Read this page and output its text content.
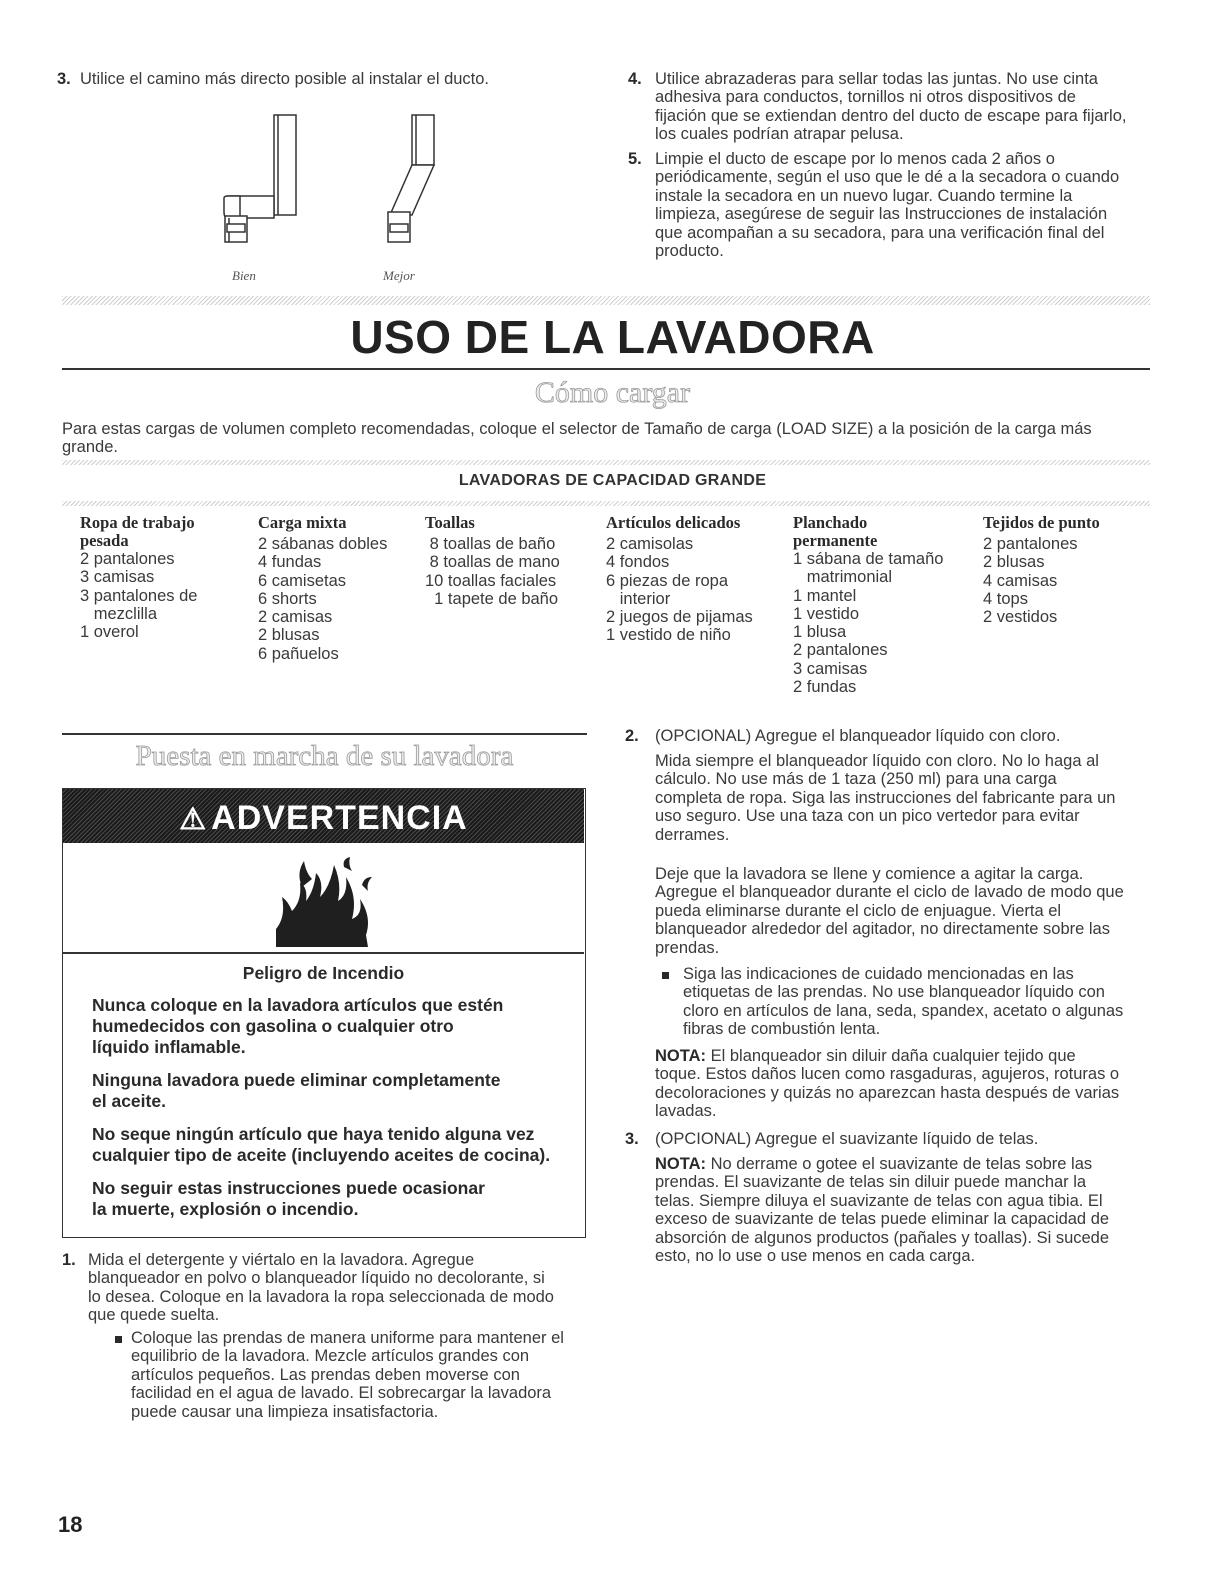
3. Utilice el camino más directo posible al instalar el ducto.
Bien	Mejor
4. Utilice abrazaderas para sellar todas las juntas. No use cinta
adhesiva para conductos, tornillos ni otros dispositivos de
fijación que se extiendan dentro del ducto de escape para fijarlo,
los cuales podrían atrapar pelusa.
5. Limpie el ducto de escape por lo menos cada 2 años o
periódicamente, según el uso que le dé a la secadora o cuando
instale la secadora en un nuevo lugar. Cuando termine la
limpieza, asegúrese de seguir las Instrucciones de instalación
que acompañan a su secadora, para una verificación final del
producto.
USO DE LA LAVADORA
Cómo cargar
Para estas cargas de volumen completo recomendadas, coloque el selector de Tamaño de carga (LOAD SIZE) a la posición de la carga más
grande.
LAVADORAS DE CAPACIDAD GRANDE
Ropa de trabajo
pesada
2 pantalones
3 camisas
3 pantalones de
mezclilla
1 overol
Carga mixta
2 sábanas dobles
4 fundas
6 camisetas
6 shorts
2 camisas
2 blusas
6 pañuelos
Toallas
8 toallas de baño
8 toallas de mano
10 toallas faciales
1 tapete de baño
Artículos delicados
2 camisolas
4 fondos
6 piezas de ropa
interior
2 juegos de pijamas
1 vestido de niño
Planchado
permanente
1 sábana de tamaño
matrimonial
1 mantel
1 vestido
1 blusa
2 pantalones
3 camisas
2 fundas
Tejidos de punto
2 pantalones
2 blusas
4 camisas
4 tops
2 vestidos
Puesta en marcha de su lavadora
⚠ ADVERTENCIA
Peligro de Incendio
Nunca coloque en la lavadora artículos que estén
humedecidos con gasolina o cualquier otro
líquido inflamable.
Ninguna lavadora puede eliminar completamente
el aceite.
No seque ningún artículo que haya tenido alguna vez
cualquier tipo de aceite (incluyendo aceites de cocina).
No seguir estas instrucciones puede ocasionar
la muerte, explosión o incendio.
1. Mida el detergente y viértalo en la lavadora. Agregue
blanqueador en polvo o blanqueador líquido no decolorante, si
lo desea. Coloque en la lavadora la ropa seleccionada de modo
que quede suelta.
Coloque las prendas de manera uniforme para mantener el
equilibrio de la lavadora. Mezcle artículos grandes con
artículos pequeños. Las prendas deben moverse con
facilidad en el agua de lavado. El sobrecargar la lavadora
puede causar una limpieza insatisfactoria.
2. (OPCIONAL) Agregue el blanqueador líquido con cloro.
Mida siempre el blanqueador líquido con cloro. No lo haga al
cálculo. No use más de 1 taza (250 ml) para una carga
completa de ropa. Siga las instrucciones del fabricante para un
uso seguro. Use una taza con un pico vertedor para evitar
derrames.
Deje que la lavadora se llene y comience a agitar la carga.
Agregue el blanqueador durante el ciclo de lavado de modo que
pueda eliminarse durante el ciclo de enjuague. Vierta el
blanqueador alrededor del agitador, no directamente sobre las
prendas.
Siga las indicaciones de cuidado mencionadas en las
etiquetas de las prendas. No use blanqueador líquido con
cloro en artículos de lana, seda, spandex, acetato o algunas
fibras de combustión lenta.
NOTA: El blanqueador sin diluir daña cualquier tejido que
toque. Estos daños lucen como rasgaduras, agujeros, roturas o
decoloraciones y quizás no aparezcan hasta después de varias
lavadas.
3. (OPCIONAL) Agregue el suavizante líquido de telas.
NOTA: No derrame o gotee el suavizante de telas sobre las
prendas. El suavizante de telas sin diluir puede manchar la
telas. Siempre diluya el suavizante de telas con agua tibia. El
exceso de suavizante de telas puede eliminar la capacidad de
absorción de algunos productos (pañales y toallas). Si sucede
esto, no lo use o use menos en cada carga.
18
